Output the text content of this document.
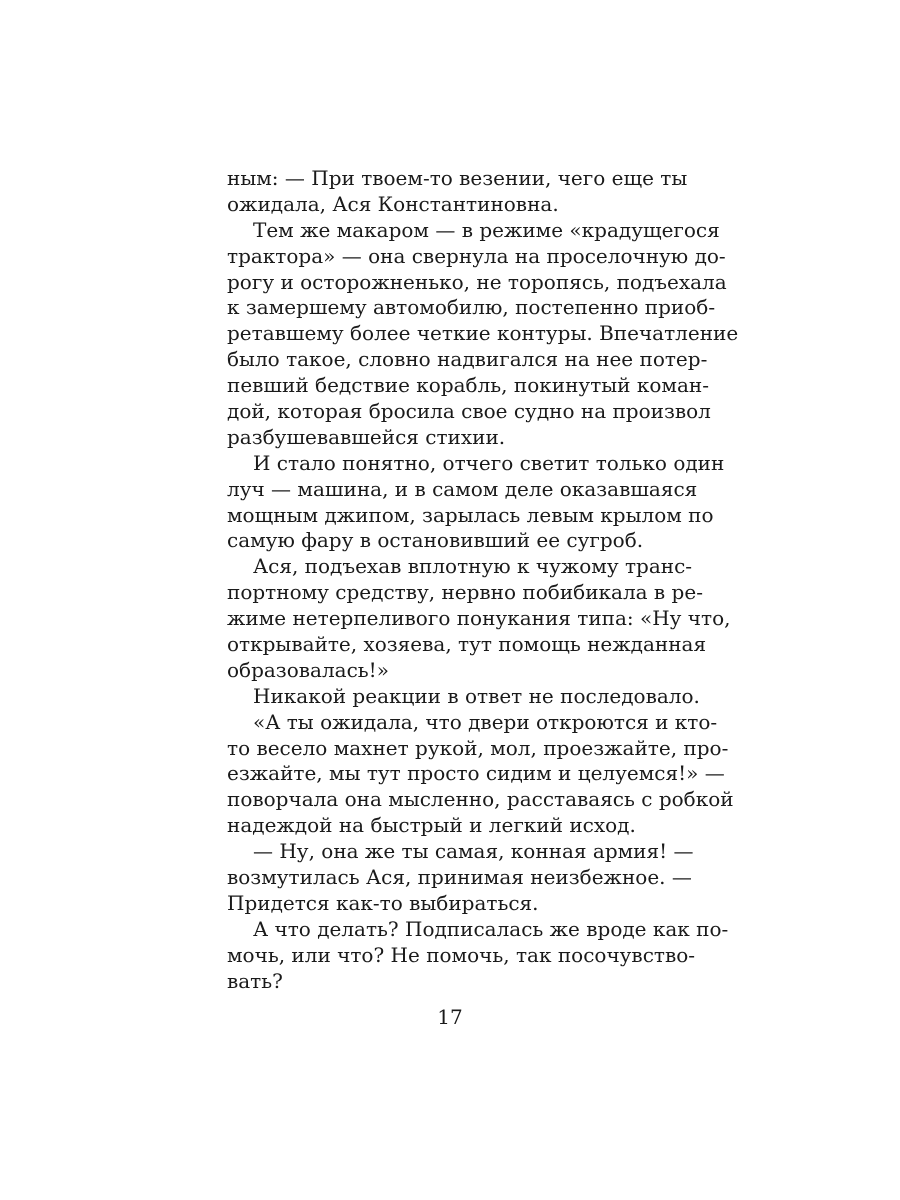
ным: — При твоем-то везении, чего еще ты
ожидала, Ася Константиновна.
Тем же макаром — в режиме «крадущегося
трактора» — она свернула на проселочную до-
рогу и осторожненько, не торопясь, подъехала
к замершему автомобилю, постепенно приоб-
ретавшему более четкие контуры. Впечатление
было такое, словно надвигался на нее потер-
певший бедствие корабль, покинутый коман-
дой, которая бросила свое судно на произвол
разбушевавшейся стихии.
И стало понятно, отчего светит только один
луч — машина, и в самом деле оказавшаяся
мощным джипом, зарылась левым крылом по
самую фару в остановивший ее сугроб.
Ася, подъехав вплотную к чужому транс-
портному средству, нервно побибикала в ре-
жиме нетерпеливого понукания типа: «Ну что,
открывайте, хозяева, тут помощь нежданная
образовалась!»
Никакой реакции в ответ не последовало.
«А ты ожидала, что двери откроются и кто-
то весело махнет рукой, мол, проезжайте, про-
езжайте, мы тут просто сидим и целуемся!» —
поворчала она мысленно, расставаясь с робкой
надеждой на быстрый и легкий исход.
— Ну, она же ты самая, конная армия! —
возмутилась Ася, принимая неизбежное. —
Придется как-то выбираться.
А что делать? Подписалась же вроде как по-
мочь, или что? Не помочь, так посочувство-
вать?
17
